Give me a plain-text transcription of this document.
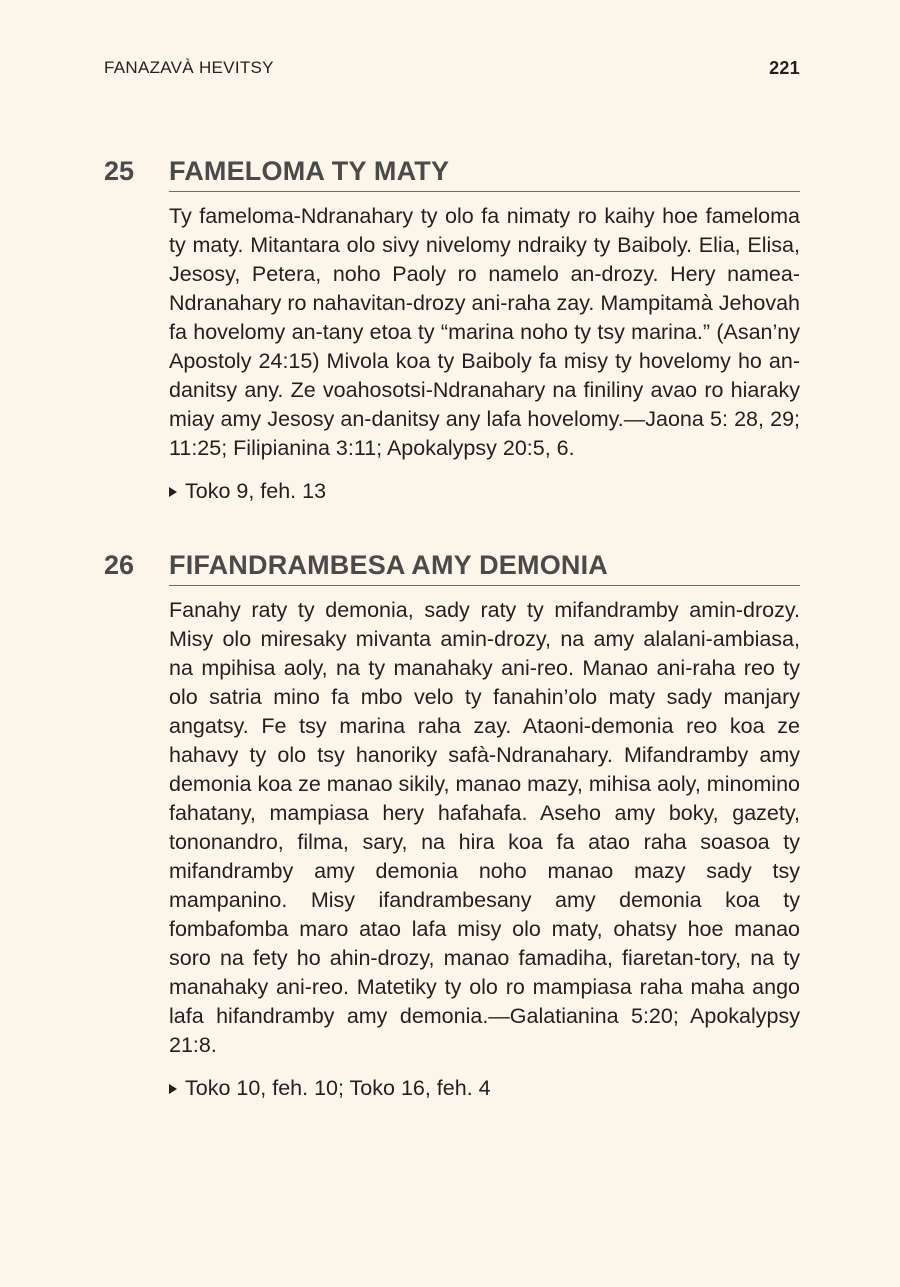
FANAZAVÀ HEVITSY	221
25 FAMELOMA TY MATY

Ty fameloma-Ndranahary ty olo fa nimaty ro kaihy hoe fameloma ty maty. Mitantara olo sivy nivelomy ndraiky ty Baiboly. Elia, Elisa, Jesosy, Petera, noho Paoly ro namelo an-drozy. Hery namea-Ndranahary ro nahavitan-drozy ani-raha zay. Mampitamà Jehovah fa hovelomy an-tany etoa ty “marina noho ty tsy marina.” (Asan’ny Apostoly 24:15) Mivola koa ty Baiboly fa misy ty hovelomy ho an-danitsy any. Ze voahosotsi-Ndranahary na finiliny avao ro hiaraky miay amy Jesosy an-danitsy any lafa hovelomy.—Jaona 5: 28, 29; 11:25; Filipianina 3:11; Apokalypsy 20:5, 6.

Toko 9, feh. 13
26 FIFANDRAMBESA AMY DEMONIA

Fanahy raty ty demonia, sady raty ty mifandramby amin-drozy. Misy olo miresaky mivanta amin-drozy, na amy alalani-ambiasa, na mpihisa aoly, na ty manahaky ani-reo. Manao ani-raha reo ty olo satria mino fa mbo velo ty fanahin’olo maty sady manjary angatsy. Fe tsy marina raha zay. Ataoni-demonia reo koa ze hahavy ty olo tsy hanoriky safà-Ndranahary. Mifandramby amy demonia koa ze manao sikily, manao mazy, mihisa aoly, minomino fahatany, mampiasa hery hafahafa. Aseho amy boky, gazety, tononandro, filma, sary, na hira koa fa atao raha soasoa ty mifandramby amy demonia noho manao mazy sady tsy mampanino. Misy ifandrambesany amy demonia koa ty fombafomba maro atao lafa misy olo maty, ohatsy hoe manao soro na fety ho ahin-drozy, manao famadiha, fiaretan-tory, na ty manahaky ani-reo. Matetiky ty olo ro mampiasa raha maha ango lafa hifandramby amy demonia.—Galatianina 5:20; Apokalypsy 21:8.

Toko 10, feh. 10; Toko 16, feh. 4
